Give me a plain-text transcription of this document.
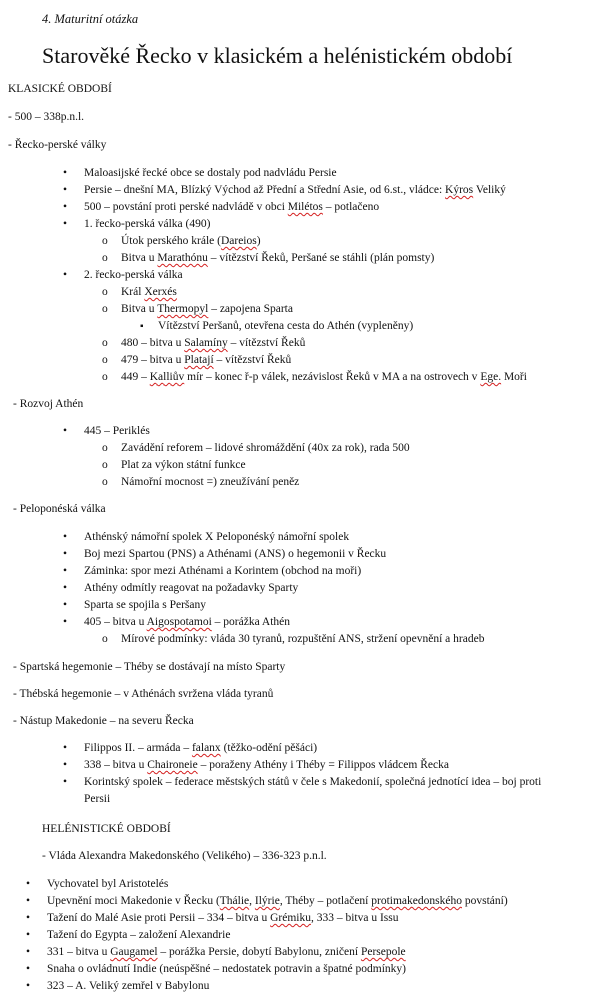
4. Maturitní otázka
Starověké Řecko v klasickém a helénistickém období
KLASICKÉ OBDOBÍ
- 500 – 338p.n.l.
- Řecko-perské války
•
Maloasijské řecké obce se dostaly pod nadvládu Persie
•
Persie – dnešní MA, Blízký Východ až Přední a Střední Asie, od 6.st., vládce: Kýros Veliký
•
500 – povstání proti perské nadvládě v obci Milétos – potlačeno
•
1. řecko-perská válka (490)
o
Útok perského krále (Dareios)
o
Bitva u Marathónu – vítězství Řeků, Peršané se stáhli (plán pomsty)
•
2. řecko-perská válka
o
Král Xerxés
o
Bitva u Thermopyl – zapojena Sparta
▪
Vítězství Peršanů, otevřena cesta do Athén (vypleněny)
o
480 – bitva u Salamíny – vítězství Řeků
o
479 – bitva u Platají – vítězství Řeků
o
449 – Kalliův mír – konec ř-p válek, nezávislost Řeků v MA a na ostrovech v Ege. Moři
- Rozvoj Athén
•
445 – Periklés
o
Zavádění reforem – lidové shromáždění (40x za rok), rada 500
o
Plat za výkon státní funkce
o
Námořní mocnost =) zneužívání peněz
- Peloponéská válka
•
Athénský námořní spolek X Peloponéský námořní spolek
•
Boj mezi Spartou (PNS) a Athénami (ANS) o hegemonii v Řecku
•
Záminka: spor mezi Athénami a Korintem (obchod na moři)
•
Athény odmítly reagovat na požadavky Sparty
•
Sparta se spojila s Peršany
•
405 – bitva u Aigospotamoi – porážka Athén
o
Mírové podmínky: vláda 30 tyranů, rozpuštění ANS, stržení opevnění a hradeb
- Spartská hegemonie – Théby se dostávají na místo Sparty
- Thébská hegemonie – v Athénách svržena vláda tyranů
- Nástup Makedonie – na severu Řecka
•
Filippos II. – armáda – falanx (těžko-odění pěšáci)
•
338 – bitva u Chaironeie – poraženy Athény i Théby = Filippos vládcem Řecka
•
Korintský spolek – federace městských států v čele s Makedonií, společná jednotící idea – boj proti
Persii
HELÉNISTICKÉ OBDOBÍ
- Vláda Alexandra Makedonského (Velikého) – 336-323 p.n.l.
•
Vychovatel byl Aristotelés
•
Upevnění moci Makedonie v Řecku (Thálie, Ilýrie, Théby – potlačení protimakedonského povstání)
•
Tažení do Malé Asie proti Persii – 334 – bitva u Grémiku, 333 – bitva u Issu
•
Tažení do Egypta – založení Alexandrie
•
331 – bitva u Gaugamel – porážka Persie, dobytí Babylonu, zničení Persepole
•
Snaha o ovládnutí Indie (neúspěšné – nedostatek potravin a špatné podmínky)
•
323 – A. Veliký zemřel v Babylonu
